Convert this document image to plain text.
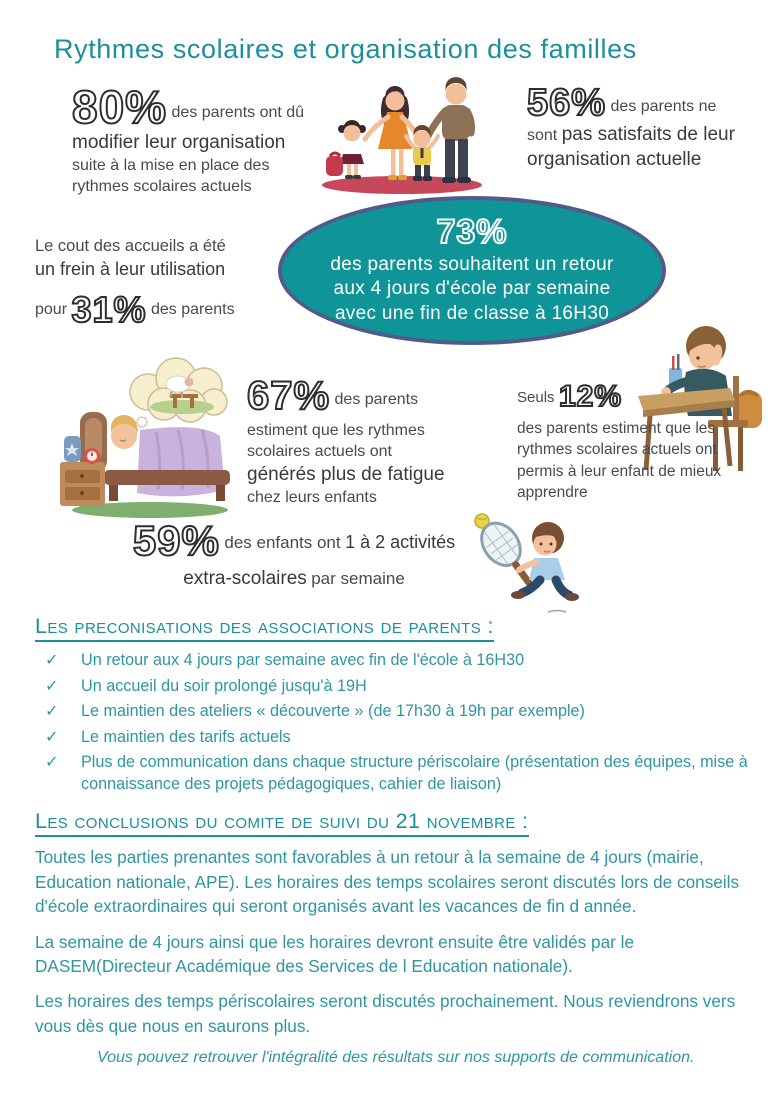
Rythmes scolaires et organisation des familles
80% des parents ont dû
modifier leur organisation
suite à la mise en place des rythmes scolaires actuels
56% des parents ne
sont pas satisfaits de leur
organisation actuelle
Le cout des accueils a été
un frein à leur utilisation
pour 31% des parents
73%
des parents souhaitent un retour
aux 4 jours d'école par semaine
avec une fin de classe à 16H30
67% des parents
estiment que les rythmes
scolaires actuels ont
générés plus de fatigue
chez leurs enfants
Seuls 12%
des parents estiment que les rythmes scolaires actuels ont permis à leur enfant de mieux apprendre
59% des enfants ont 1 à 2 activités
extra-scolaires par semaine
Les preconisations des associations de parents :
✓ Un retour aux 4 jours par semaine avec fin de l'école à 16H30
✓ Un accueil du soir prolongé jusqu'à 19H
✓ Le maintien des ateliers « découverte » (de 17h30 à 19h par exemple)
✓ Le maintien des tarifs actuels
✓ Plus de communication dans chaque structure périscolaire (présentation des équipes, mise à connaissance des projets pédagogiques, cahier de liaison)
Les conclusions du comite de suivi du 21 novembre :

Toutes les parties prenantes sont favorables à un retour à la semaine de 4 jours (mairie, Education nationale, APE). Les horaires des temps scolaires seront discutés lors de conseils d'école extraordinaires qui seront organisés avant les vacances de fin d année.

La semaine de 4 jours ainsi que les horaires devront ensuite être validés par le DASEM(Directeur Académique des Services de l Education nationale).

Les horaires des temps périscolaires seront discutés prochainement. Nous reviendrons vers vous dès que nous en saurons plus.

Vous pouvez retrouver l'intégralité des résultats sur nos supports de communication.
